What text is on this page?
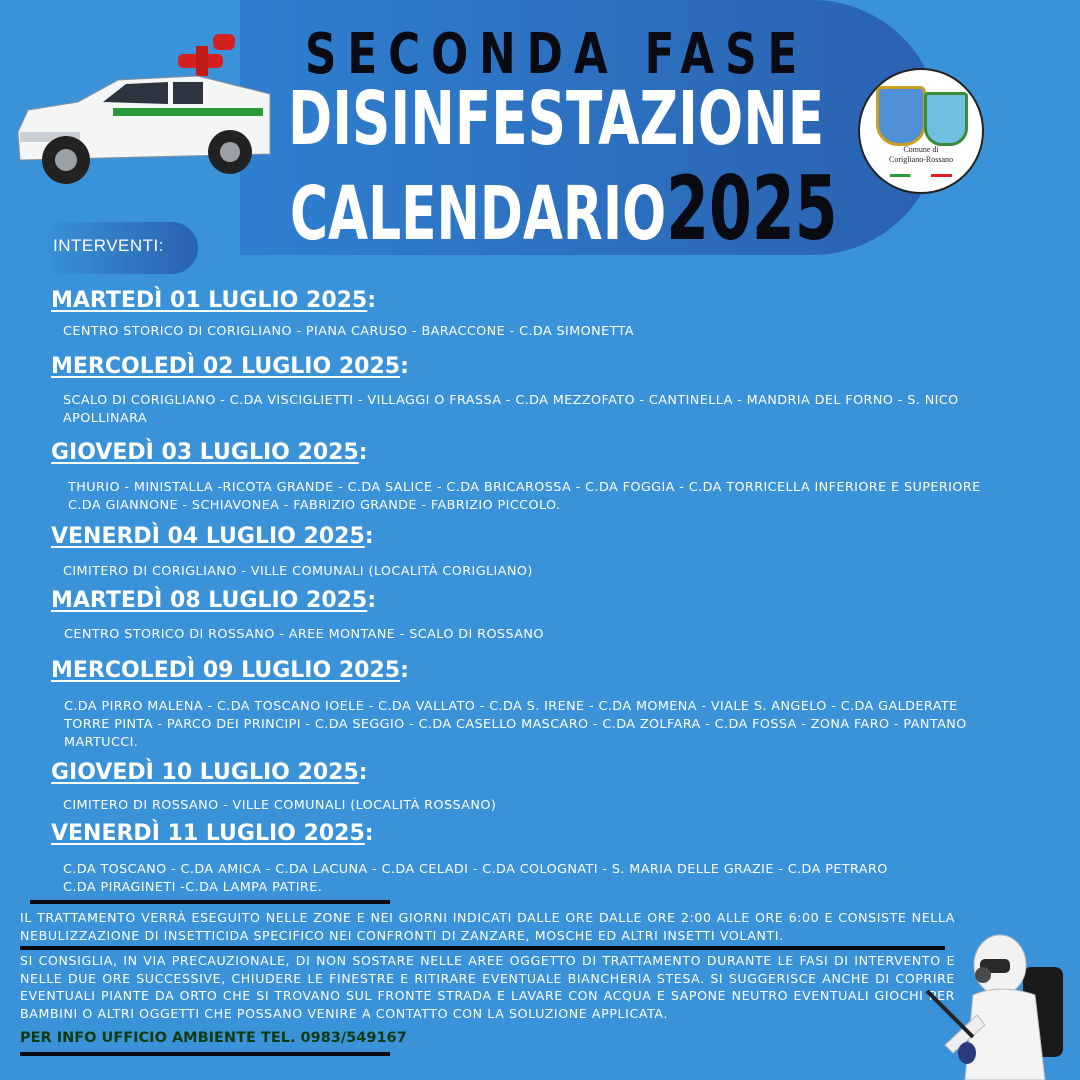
SECONDA FASE
DISINFESTAZIONE
CALENDARIO2025
Comune di
Corigliano-Rossano
INTERVENTI:
MARTEDÌ 01 LUGLIO 2025:
CENTRO STORICO DI CORIGLIANO - PIANA CARUSO - BARACCONE - C.DA SIMONETTA
MERCOLEDÌ 02 LUGLIO 2025:
SCALO DI CORIGLIANO - C.DA VISCIGLIETTI - VILLAGGI O FRASSA - C.DA MEZZOFATO - CANTINELLA - MANDRIA DEL FORNO - S. NICO
APOLLINARA
GIOVEDÌ 03 LUGLIO 2025:
THURIO - MINISTALLA -RICOTA GRANDE - C.DA SALICE - C.DA BRICAROSSA - C.DA FOGGIA - C.DA TORRICELLA INFERIORE E SUPERIORE
C.DA GIANNONE - SCHIAVONEA - FABRIZIO GRANDE - FABRIZIO PICCOLO.
VENERDÌ 04 LUGLIO 2025:
CIMITERO DI CORIGLIANO - VILLE COMUNALI (LOCALITÀ CORIGLIANO)
MARTEDÌ 08 LUGLIO 2025:
CENTRO STORICO DI ROSSANO - AREE MONTANE - SCALO DI ROSSANO
MERCOLEDÌ 09 LUGLIO 2025:
C.DA PIRRO MALENA - C.DA TOSCANO IOELE - C.DA VALLATO - C.DA S. IRENE - C.DA MOMENA - VIALE S. ANGELO - C.DA GALDERATE
TORRE PINTA - PARCO DEI PRINCIPI - C.DA SEGGIO - C.DA CASELLO MASCARO - C.DA ZOLFARA - C.DA FOSSA - ZONA FARO - PANTANO
MARTUCCI.
GIOVEDÌ 10 LUGLIO 2025:
CIMITERO DI ROSSANO - VILLE COMUNALI (LOCALITÀ ROSSANO)
VENERDÌ 11 LUGLIO 2025:
C.DA TOSCANO - C.DA AMICA - C.DA LACUNA - C.DA CELADI - C.DA COLOGNATI - S. MARIA DELLE GRAZIE - C.DA PETRARO
C.DA PIRAGINETI -C.DA LAMPA PATIRE.
IL TRATTAMENTO VERRÀ ESEGUITO NELLE ZONE E NEI GIORNI INDICATI DALLE ORE DALLE ORE 2:00 ALLE ORE 6:00 E CONSISTE NELLA NEBULIZZAZIONE DI INSETTICIDA SPECIFICO NEI CONFRONTI DI ZANZARE, MOSCHE ED ALTRI INSETTI VOLANTI.
SI CONSIGLIA, IN VIA PRECAUZIONALE, DI NON SOSTARE NELLE AREE OGGETTO DI TRATTAMENTO DURANTE LE FASI DI INTERVENTO E NELLE DUE ORE SUCCESSIVE, CHIUDERE LE FINESTRE E RITIRARE EVENTUALE BIANCHERIA STESA. SI SUGGERISCE ANCHE DI COPRIRE EVENTUALI PIANTE DA ORTO CHE SI TROVANO SUL FRONTE STRADA E LAVARE CON ACQUA E SAPONE NEUTRO EVENTUALI GIOCHI PER BAMBINI O ALTRI OGGETTI CHE POSSANO VENIRE A CONTATTO CON LA SOLUZIONE APPLICATA.
PER INFO UFFICIO AMBIENTE TEL. 0983/549167
